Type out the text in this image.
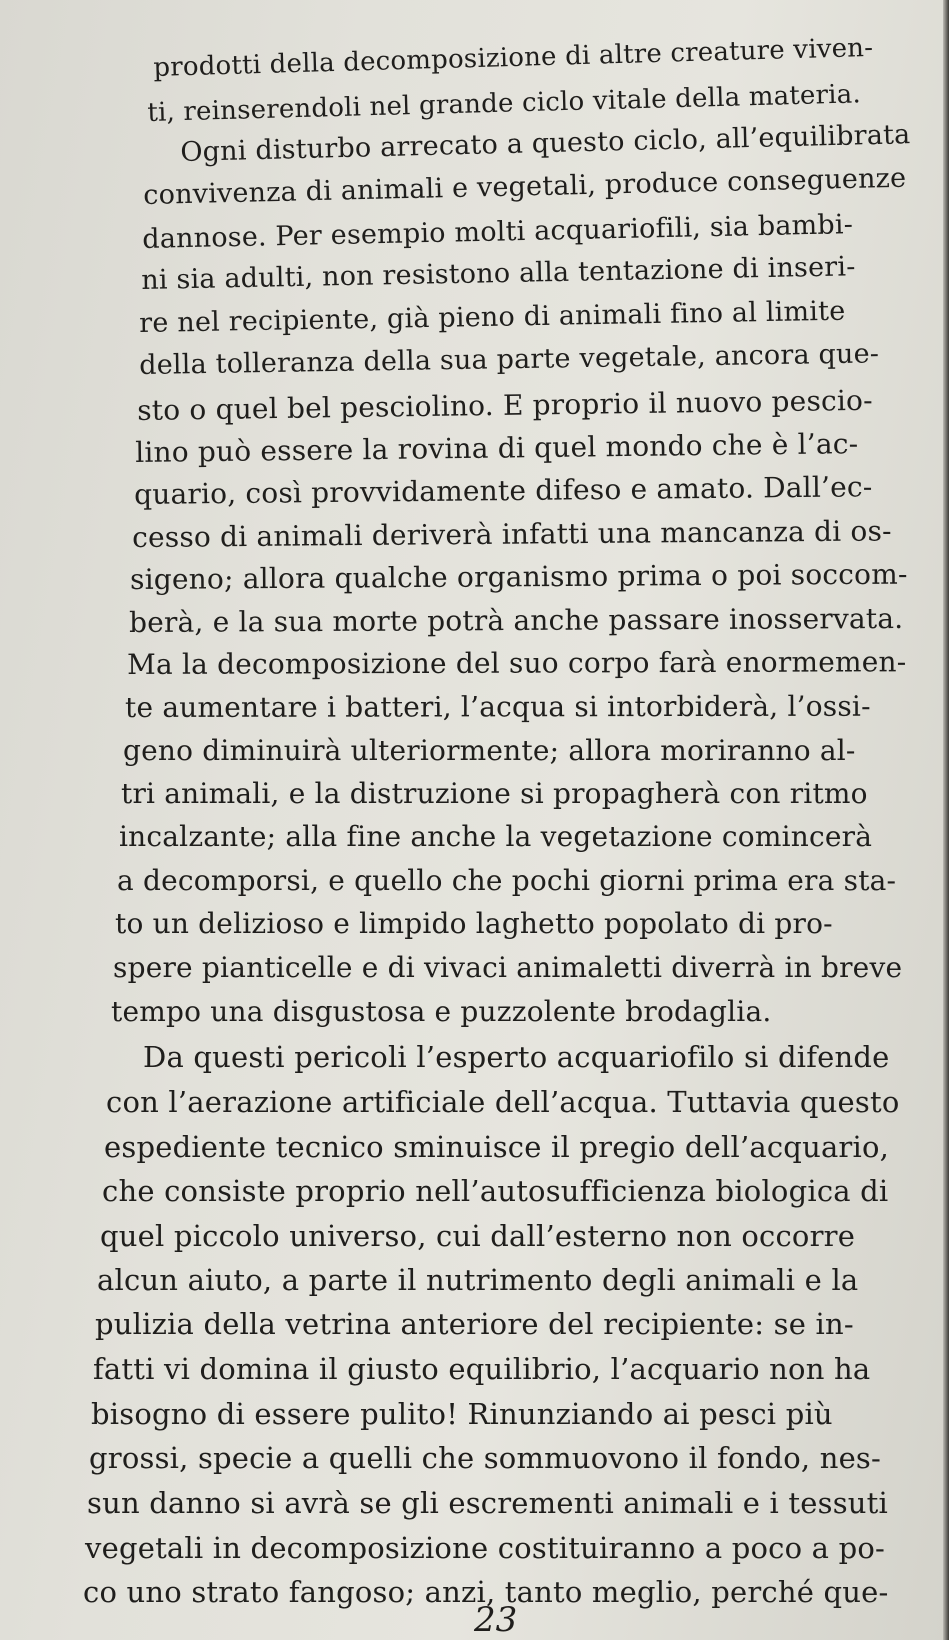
prodotti della decomposizione di altre creature viven-
ti, reinserendoli nel grande ciclo vitale della materia.
Ogni disturbo arrecato a questo ciclo, all’equilibrata
convivenza di animali e vegetali, produce conseguenze
dannose. Per esempio molti acquariofili, sia bambi-
ni sia adulti, non resistono alla tentazione di inseri-
re nel recipiente, già pieno di animali fino al limite
della tolleranza della sua parte vegetale, ancora que-
sto o quel bel pesciolino. E proprio il nuovo pescio-
lino può essere la rovina di quel mondo che è l’ac-
quario, così provvidamente difeso e amato. Dall’ec-
cesso di animali deriverà infatti una mancanza di os-
sigeno; allora qualche organismo prima o poi soccom-
berà, e la sua morte potrà anche passare inosservata.
Ma la decomposizione del suo corpo farà enormemen-
te aumentare i batteri, l’acqua si intorbiderà, l’ossi-
geno diminuirà ulteriormente; allora moriranno al-
tri animali, e la distruzione si propagherà con ritmo
incalzante; alla fine anche la vegetazione comincerà
a decomporsi, e quello che pochi giorni prima era sta-
to un delizioso e limpido laghetto popolato di pro-
spere pianticelle e di vivaci animaletti diverrà in breve
tempo una disgustosa e puzzolente brodaglia.
Da questi pericoli l’esperto acquariofilo si difende
con l’aerazione artificiale dell’acqua. Tuttavia questo
espediente tecnico sminuisce il pregio dell’acquario,
che consiste proprio nell’autosufficienza biologica di
quel piccolo universo, cui dall’esterno non occorre
alcun aiuto, a parte il nutrimento degli animali e la
pulizia della vetrina anteriore del recipiente: se in-
fatti vi domina il giusto equilibrio, l’acquario non ha
bisogno di essere pulito! Rinunziando ai pesci più
grossi, specie a quelli che sommuovono il fondo, nes-
sun danno si avrà se gli escrementi animali e i tessuti
vegetali in decomposizione costituiranno a poco a po-
co uno strato fangoso; anzi, tanto meglio, perché que-
23
